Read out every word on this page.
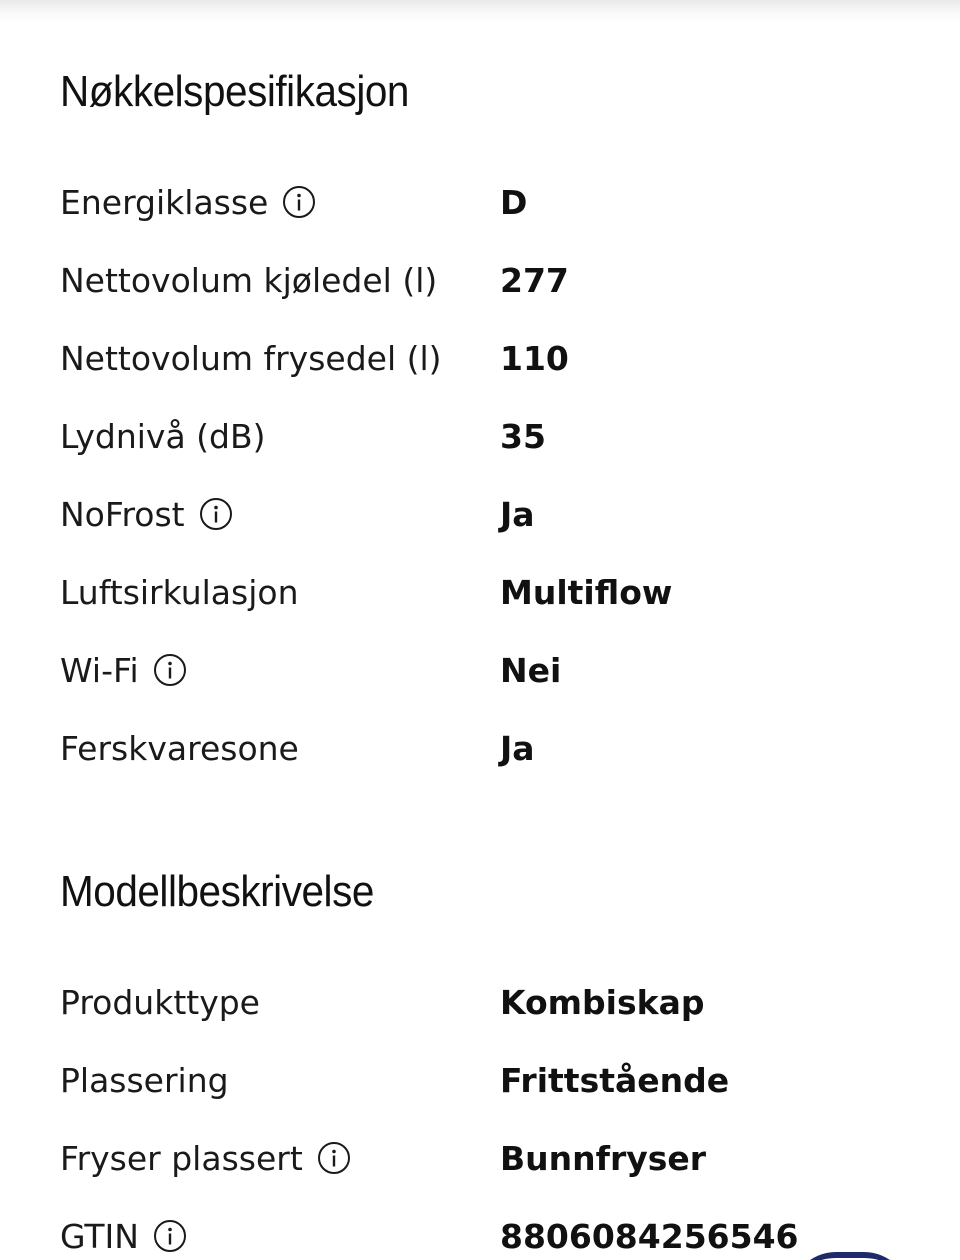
Nøkkelspesifikasjon
Energiklasse	D
Nettovolum kjøledel (l) 277
Nettovolum frysedel (l) 110
Lydnivå (dB)	35
NoFrost	Ja
Luftsirkulasjon	Multiflow
Wi-Fi	Nei
Ferskvaresone	Ja
Modellbeskrivelse
Produkttype	Kombiskap
Plassering	Frittstående
Fryser plassert	Bunnfryser
GTIN	8806084256546
